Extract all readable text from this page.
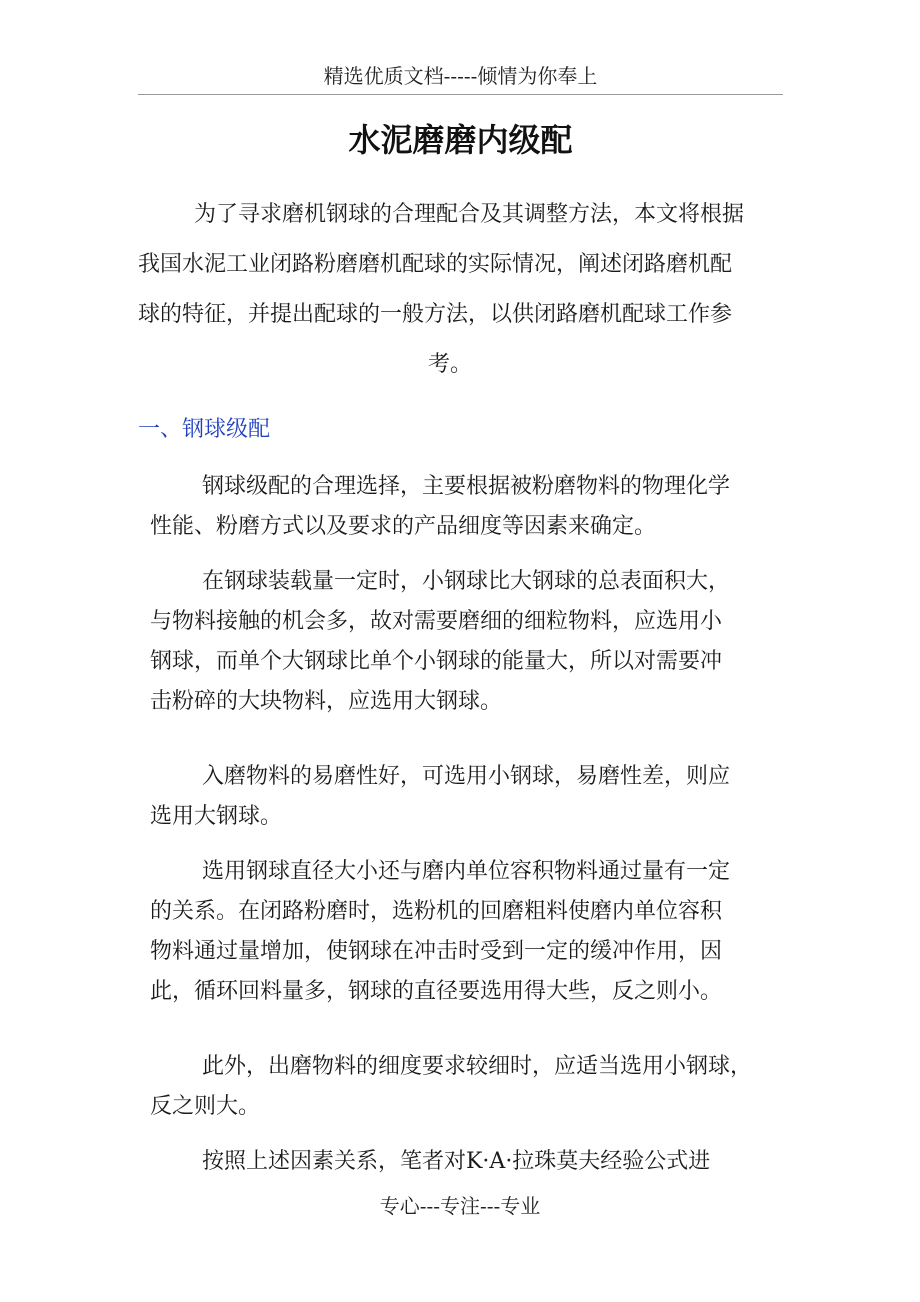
精选优质文档-----倾情为你奉上
水泥磨磨内级配
为了寻求磨机钢球的合理配合及其调整方法，本文将根据
我国水泥工业闭路粉磨磨机配球的实际情况，阐述闭路磨机配
球的特征，并提出配球的一般方法，以供闭路磨机配球工作参
考。
一、钢球级配
钢球级配的合理选择，主要根据被粉磨物料的物理化学
性能、粉磨方式以及要求的产品细度等因素来确定。
在钢球装载量一定时，小钢球比大钢球的总表面积大，
与物料接触的机会多，故对需要磨细的细粒物料，应选用小
钢球，而单个大钢球比单个小钢球的能量大，所以对需要冲
击粉碎的大块物料，应选用大钢球。
入磨物料的易磨性好，可选用小钢球，易磨性差，则应
选用大钢球。
选用钢球直径大小还与磨内单位容积物料通过量有一定
的关系。在闭路粉磨时，选粉机的回磨粗料使磨内单位容积
物料通过量增加，使钢球在冲击时受到一定的缓冲作用，因
此，循环回料量多，钢球的直径要选用得大些，反之则小。
此外，出磨物料的细度要求较细时，应适当选用小钢球，
反之则大。
按照上述因素关系，笔者对K·A·拉珠莫夫经验公式进
专心---专注---专业
